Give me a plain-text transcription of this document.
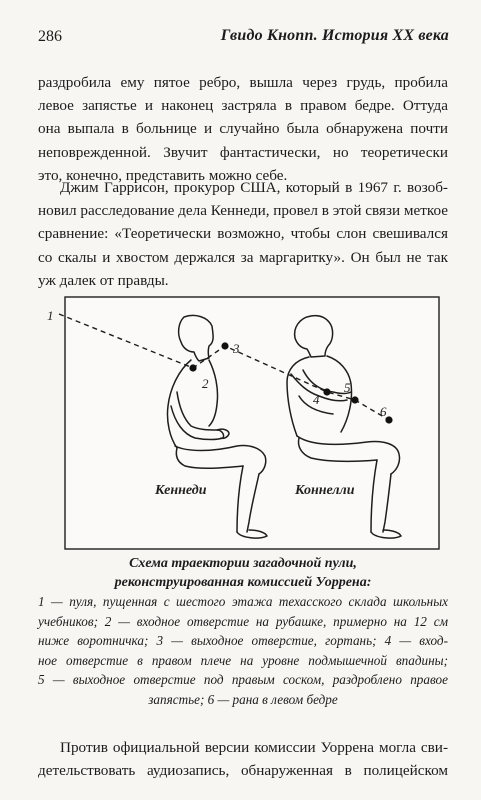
286	Гвидо Кнопп. История XX века
раздробила ему пятое ребро, вышла через грудь, пробила
левое запястье и наконец застряла в правом бедре. Оттуда
она выпала в больнице и случайно была обнаружена почти
неповрежденной. Звучит фантастически, но теоретически
это, конечно, представить можно себе.
Джим Гаррисон, прокурор США, который в 1967 г. возоб-
новил расследование дела Кеннеди, провел в этой связи меткое
сравнение: «Теоретически возможно, чтобы слон свешивался
со скалы и хвостом держался за маргаритку». Он был не так
уж далек от правды.
1
2
3
4
5
6
Кеннеди	Коннелли
Схема траектории загадочной пули,
реконструированная комиссией Уоррена:
1 — пуля, пущенная с шестого этажа техасского склада школьных
учебников; 2 — входное отверстие на рубашке, примерно на 12 см
ниже воротничка; 3 — выходное отверстие, гортань; 4 — вход-
ное отверстие в правом плече на уровне подмышечной впадины;
5 — выходное отверстие под правым соском, раздроблено правое
запястье; 6 — рана в левом бедре
Против официальной версии комиссии Уоррена могла сви-
детельствовать аудиозапись, обнаруженная в полицейском
